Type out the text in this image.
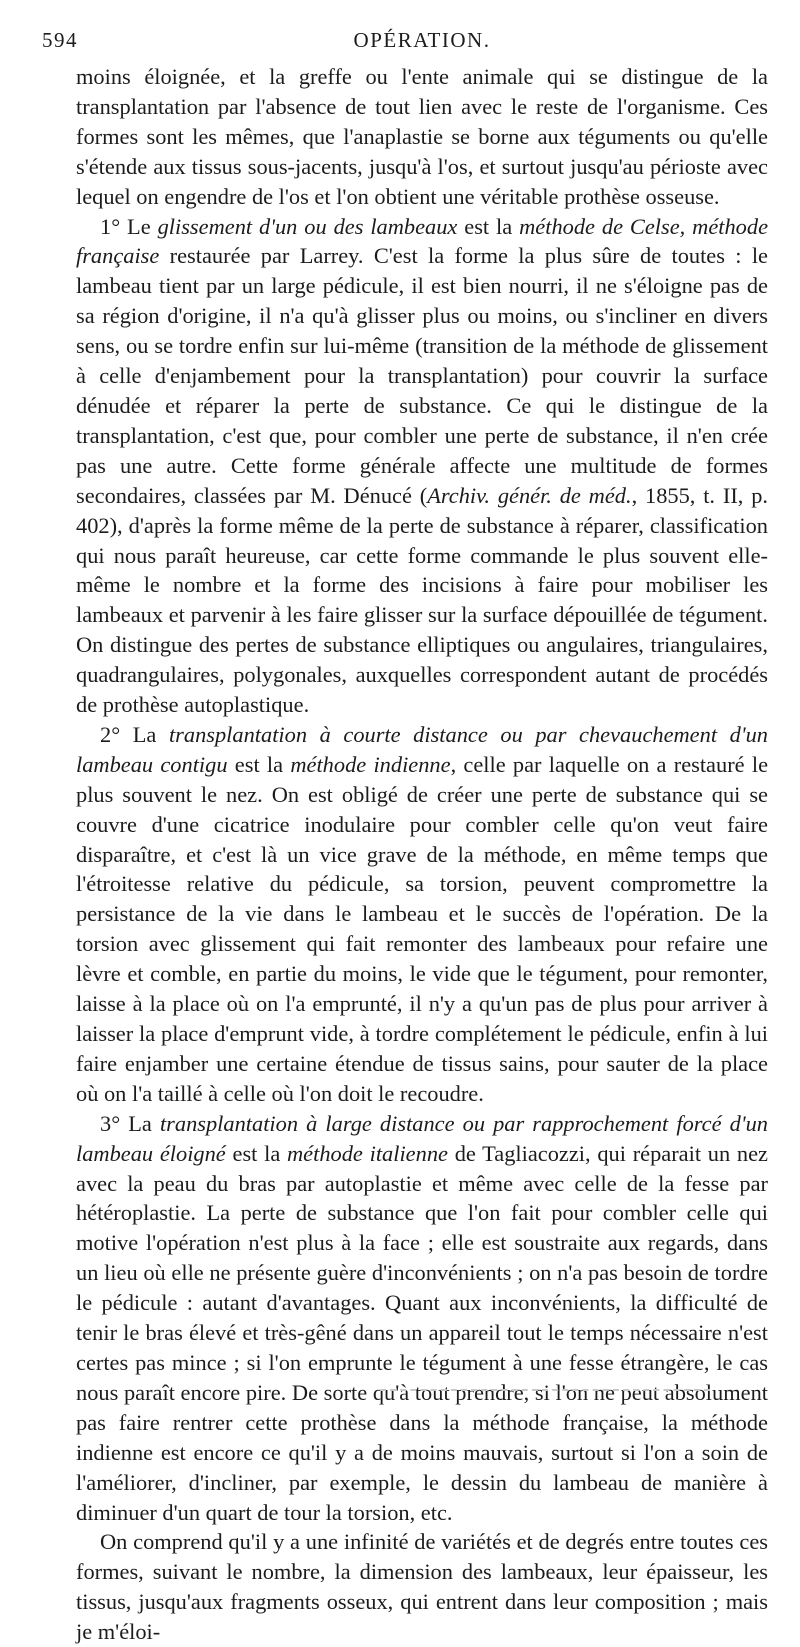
594	OPÉRATION.

moins éloignée, et la greffe ou l'ente animale qui se distingue de la transplantation par l'absence de tout lien avec le reste de l'organisme. Ces formes sont les mêmes, que l'anaplastie se borne aux téguments ou qu'elle s'étende aux tissus sous-jacents, jusqu'à l'os, et surtout jusqu'au périoste avec lequel on engendre de l'os et l'on obtient une véritable prothèse osseuse.

1° Le glissement d'un ou des lambeaux est la méthode de Celse, méthode française restaurée par Larrey. C'est la forme la plus sûre de toutes : le lambeau tient par un large pédicule, il est bien nourri, il ne s'éloigne pas de sa région d'origine, il n'a qu'à glisser plus ou moins, ou s'incliner en divers sens, ou se tordre enfin sur lui-même (transition de la méthode de glissement à celle d'enjambement pour la transplantation) pour couvrir la surface dénudée et réparer la perte de substance. Ce qui le distingue de la transplantation, c'est que, pour combler une perte de substance, il n'en crée pas une autre. Cette forme générale affecte une multitude de formes secondaires, classées par M. Dénucé (Archiv. génér. de méd., 1855, t. II, p. 402), d'après la forme même de la perte de substance à réparer, classification qui nous paraît heureuse, car cette forme commande le plus souvent elle-même le nombre et la forme des incisions à faire pour mobiliser les lambeaux et parvenir à les faire glisser sur la surface dépouillée de tégument. On distingue des pertes de substance elliptiques ou angulaires, triangulaires, quadrangulaires, polygonales, auxquelles correspondent autant de procédés de prothèse autoplastique.

2° La transplantation à courte distance ou par chevauchement d'un lambeau contigu est la méthode indienne, celle par laquelle on a restauré le plus souvent le nez. On est obligé de créer une perte de substance qui se couvre d'une cicatrice inodulaire pour combler celle qu'on veut faire disparaître, et c'est là un vice grave de la méthode, en même temps que l'étroitesse relative du pédicule, sa torsion, peuvent compromettre la persistance de la vie dans le lambeau et le succès de l'opération. De la torsion avec glissement qui fait remonter des lambeaux pour refaire une lèvre et comble, en partie du moins, le vide que le tégument, pour remonter, laisse à la place où on l'a emprunté, il n'y a qu'un pas de plus pour arriver à laisser la place d'emprunt vide, à tordre complétement le pédicule, enfin à lui faire enjamber une certaine étendue de tissus sains, pour sauter de la place où on l'a taillé à celle où l'on doit le recoudre.

3° La transplantation à large distance ou par rapprochement forcé d'un lambeau éloigné est la méthode italienne de Tagliacozzi, qui réparait un nez avec la peau du bras par autoplastie et même avec celle de la fesse par hétéroplastie. La perte de substance que l'on fait pour combler celle qui motive l'opération n'est plus à la face ; elle est soustraite aux regards, dans un lieu où elle ne présente guère d'inconvénients ; on n'a pas besoin de tordre le pédicule : autant d'avantages. Quant aux inconvénients, la difficulté de tenir le bras élevé et très-gêné dans un appareil tout le temps nécessaire n'est certes pas mince ; si l'on emprunte le tégument à une fesse étrangère, le cas nous paraît encore pire. De sorte qu'à tout prendre, si l'on ne peut absolument pas faire rentrer cette prothèse dans la méthode française, la méthode indienne est encore ce qu'il y a de moins mauvais, surtout si l'on a soin de l'améliorer, d'incliner, par exemple, le dessin du lambeau de manière à diminuer d'un quart de tour la torsion, etc.

On comprend qu'il y a une infinité de variétés et de degrés entre toutes ces formes, suivant le nombre, la dimension des lambeaux, leur épaisseur, les tissus, jusqu'aux fragments osseux, qui entrent dans leur composition ; mais je m'éloi-
